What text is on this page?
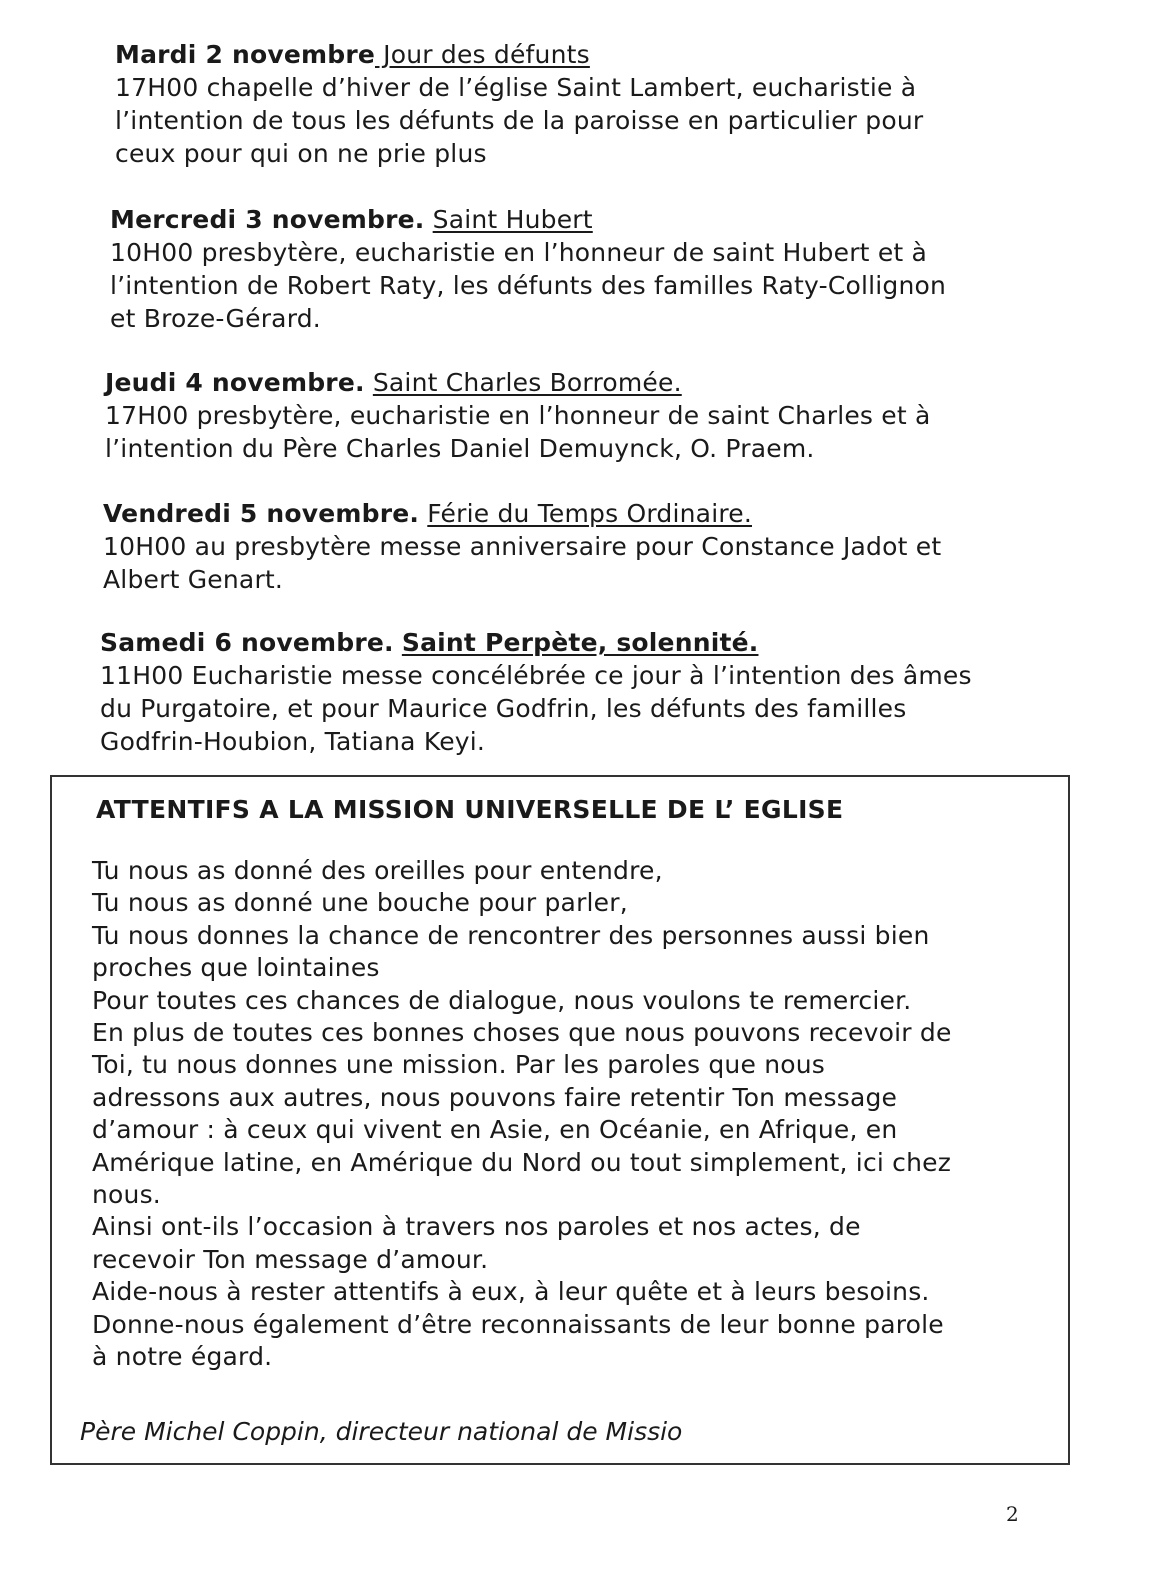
Mardi 2 novembre Jour des défunts
17H00 chapelle d’hiver de l’église Saint Lambert, eucharistie à
l’intention de tous les défunts de la paroisse en particulier pour
ceux pour qui on ne prie plus
Mercredi 3 novembre. Saint Hubert
10H00 presbytère, eucharistie en l’honneur de saint Hubert et à
l’intention de Robert Raty, les défunts des familles Raty-Collignon
et Broze-Gérard.
Jeudi 4 novembre. Saint Charles Borromée.
17H00 presbytère, eucharistie en l’honneur de saint Charles et à
l’intention du Père Charles Daniel Demuynck, O. Praem.
Vendredi 5 novembre. Férie du Temps Ordinaire.
10H00 au presbytère messe anniversaire pour Constance Jadot et
Albert Genart.
Samedi 6 novembre. Saint Perpète, solennité.
11H00 Eucharistie messe concélébrée ce jour à l’intention des âmes
du Purgatoire, et pour Maurice Godfrin, les défunts des familles
Godfrin-Houbion, Tatiana Keyi.
ATTENTIFS A LA MISSION UNIVERSELLE DE L’ EGLISE
Tu nous as donné des oreilles pour entendre,
Tu nous as donné une bouche pour parler,
Tu nous donnes la chance de rencontrer des personnes aussi bien
proches que lointaines
Pour toutes ces chances de dialogue, nous voulons te remercier.
En plus de toutes ces bonnes choses que nous pouvons recevoir de
Toi, tu nous donnes une mission. Par les paroles que nous
adressons aux autres, nous pouvons faire retentir Ton message
d’amour : à ceux qui vivent en Asie, en Océanie, en Afrique, en
Amérique latine, en Amérique du Nord ou tout simplement, ici chez
nous.
Ainsi ont-ils l’occasion à travers nos paroles et nos actes, de
recevoir Ton message d’amour.
Aide-nous à rester attentifs à eux, à leur quête et à leurs besoins.
Donne-nous également d’être reconnaissants de leur bonne parole
à notre égard.
Père Michel Coppin, directeur national de Missio
2
